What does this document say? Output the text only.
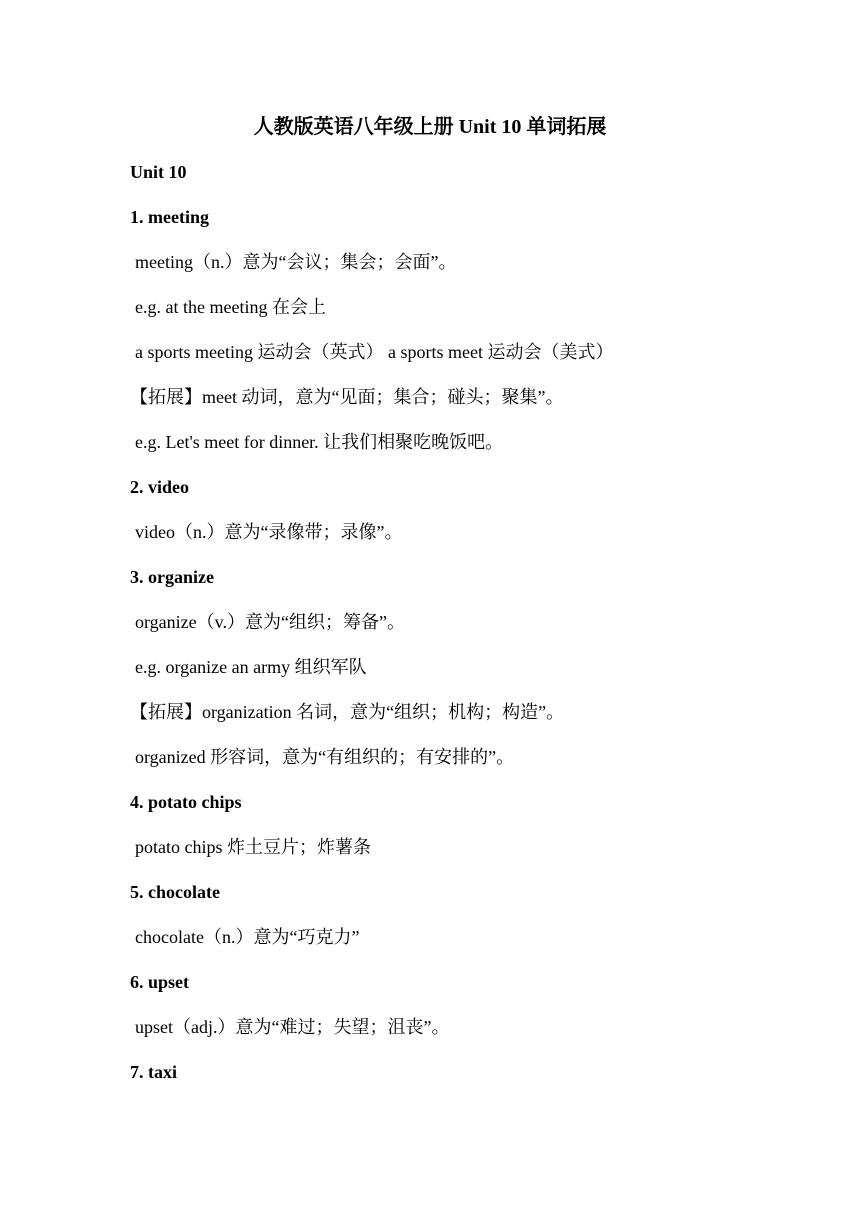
人教版英语八年级上册 Unit 10 单词拓展
Unit 10
1. meeting
meeting（n.）意为“会议；集会；会面”。
e.g. at the meeting 在会上
a sports meeting 运动会（英式） a sports meet 运动会（美式）
【拓展】meet 动词，意为“见面；集合；碰头；聚集”。
e.g. Let's meet for dinner. 让我们相聚吃晚饭吧。
2. video
video（n.）意为“录像带；录像”。
3. organize
organize（v.）意为“组织；筹备”。
e.g. organize an army 组织军队
【拓展】organization 名词，意为“组织；机构；构造”。
organized 形容词，意为“有组织的；有安排的”。
4. potato chips
potato chips 炸土豆片；炸薯条
5. chocolate
chocolate（n.）意为“巧克力”
6. upset
upset（adj.）意为“难过；失望；沮丧”。
7. taxi
